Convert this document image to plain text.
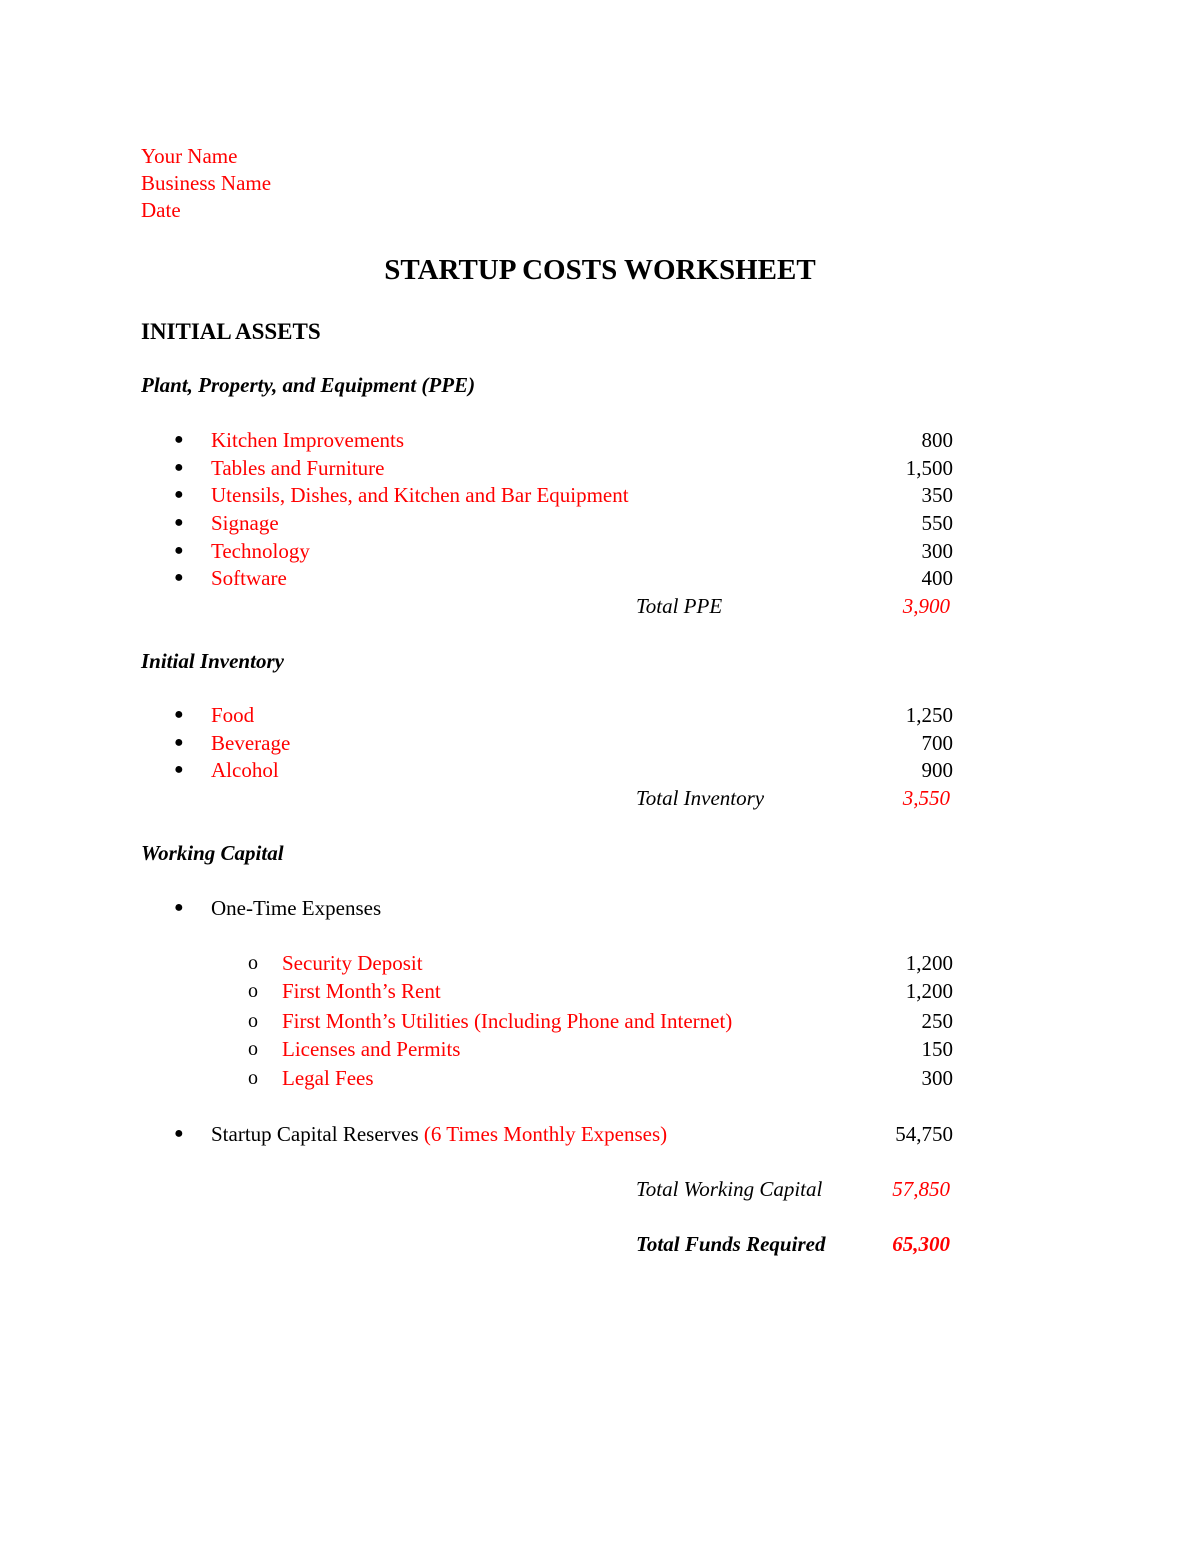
Your Name
Business Name
Date
STARTUP COSTS WORKSHEET
INITIAL ASSETS
Plant, Property, and Equipment (PPE)
● Kitchen Improvements	800
● Tables and Furniture	1,500
● Utensils, Dishes, and Kitchen and Bar Equipment	350
● Signage	550
● Technology	300
● Software	400
Total PPE	3,900
Initial Inventory
● Food	1,250
● Beverage	700
● Alcohol	900
Total Inventory	3,550
Working Capital
● One-Time Expenses
o Security Deposit	1,200
o First Month’s Rent	1,200
o First Month’s Utilities (Including Phone and Internet)	250
o Licenses and Permits	150
o Legal Fees	300
● Startup Capital Reserves (6 Times Monthly Expenses)	54,750
Total Working Capital	57,850
Total Funds Required	65,300
